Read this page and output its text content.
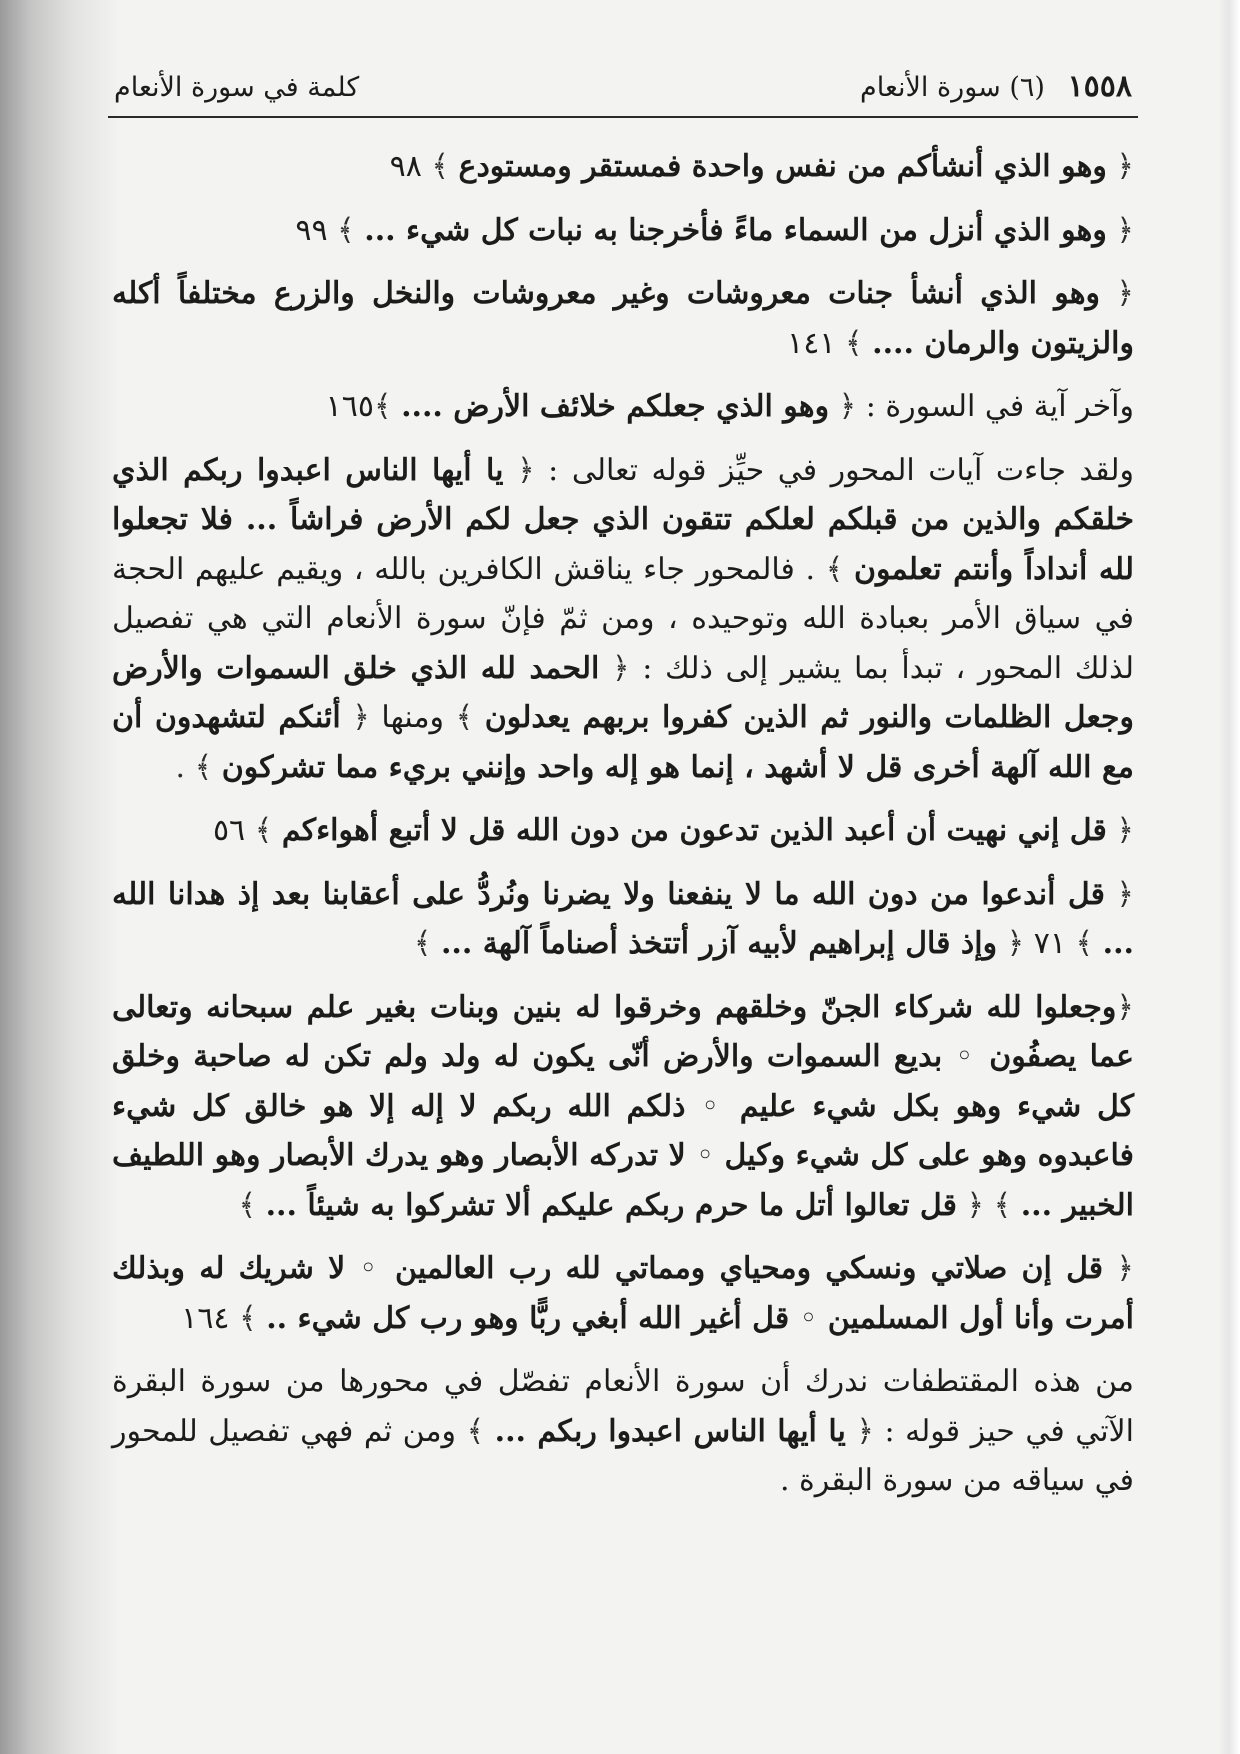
١٥٥٨ (٦) سورة الأنعام
كلمة في سورة الأنعام

﴿ وهو الذي أنشأكم من نفس واحدة فمستقر ومستودع ﴾ ٩٨

﴿ وهو الذي أنزل من السماء ماءً فأخرجنا به نبات كل شيء ... ﴾ ٩٩

﴿ وهو الذي أنشأ جنات معروشات وغير معروشات والنخل والزرع مختلفاً أكله والزيتون والرمان .... ﴾ ١٤١

وآخر آية في السورة : ﴿ وهو الذي جعلكم خلائف الأرض .... ﴾١٦٥

ولقد جاءت آيات المحور في حيِّز قوله تعالى : ﴿ يا أيها الناس اعبدوا ربكم الذي خلقكم والذين من قبلكم لعلكم تتقون الذي جعل لكم الأرض فراشاً ... فلا تجعلوا لله أنداداً وأنتم تعلمون ﴾ . فالمحور جاء يناقش الكافرين بالله ، ويقيم عليهم الحجة في سياق الأمر بعبادة الله وتوحيده ، ومن ثمّ فإنّ سورة الأنعام التي هي تفصيل لذلك المحور ، تبدأ بما يشير إلى ذلك : ﴿ الحمد لله الذي خلق السموات والأرض وجعل الظلمات والنور ثم الذين كفروا بربهم يعدلون ﴾ ومنها ﴿ أئنكم لتشهدون أن مع الله آلهة أخرى قل لا أشهد ، إنما هو إله واحد وإنني بريء مما تشركون ﴾ .

﴿ قل إني نهيت أن أعبد الذين تدعون من دون الله قل لا أتبع أهواءكم ﴾ ٥٦

﴿ قل أندعوا من دون الله ما لا ينفعنا ولا يضرنا ونُردُّ على أعقابنا بعد إذ هدانا الله ... ﴾ ٧١ ﴿ وإذ قال إبراهيم لأبيه آزر أتتخذ أصناماً آلهة ... ﴾

﴿وجعلوا لله شركاء الجنّ وخلقهم وخرقوا له بنين وبنات بغير علم سبحانه وتعالى عما يصفُون ◦ بديع السموات والأرض أنّى يكون له ولد ولم تكن له صاحبة وخلق كل شيء وهو بكل شيء عليم ◦ ذلكم الله ربكم لا إله إلا هو خالق كل شيء فاعبدوه وهو على كل شيء وكيل ◦ لا تدركه الأبصار وهو يدرك الأبصار وهو اللطيف الخبير ... ﴾ ﴿ قل تعالوا أتل ما حرم ربكم عليكم ألا تشركوا به شيئاً ... ﴾

﴿ قل إن صلاتي ونسكي ومحياي ومماتي لله رب العالمين ◦ لا شريك له وبذلك أمرت وأنا أول المسلمين ◦ قل أغير الله أبغي ربًّا وهو رب كل شيء .. ﴾ ١٦٤

من هذه المقتطفات ندرك أن سورة الأنعام تفصّل في محورها من سورة البقرة الآتي في حيز قوله : ﴿ يا أيها الناس اعبدوا ربكم ... ﴾ ومن ثم فهي تفصيل للمحور في سياقه من سورة البقرة .
